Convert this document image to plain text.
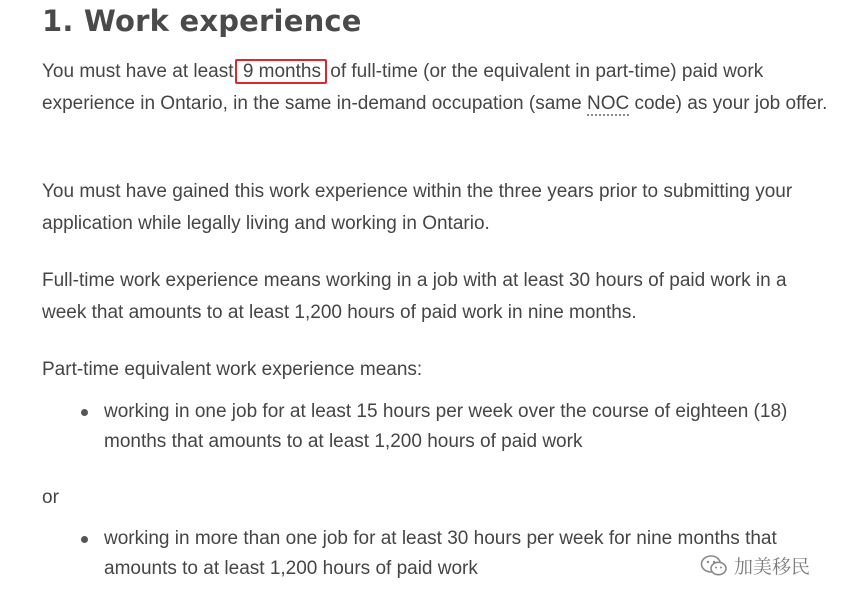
1. Work experience

You must have at least 9 months of full-time (or the equivalent in part-time) paid work experience in Ontario, in the same in-demand occupation (same NOC code) as your job offer.

You must have gained this work experience within the three years prior to submitting your application while legally living and working in Ontario.

Full-time work experience means working in a job with at least 30 hours of paid work in a week that amounts to at least 1,200 hours of paid work in nine months.

Part-time equivalent work experience means:

working in one job for at least 15 hours per week over the course of eighteen (18) months that amounts to at least 1,200 hours of paid work

or

working in more than one job for at least 30 hours per week for nine months that amounts to at least 1,200 hours of paid work	加美移民
